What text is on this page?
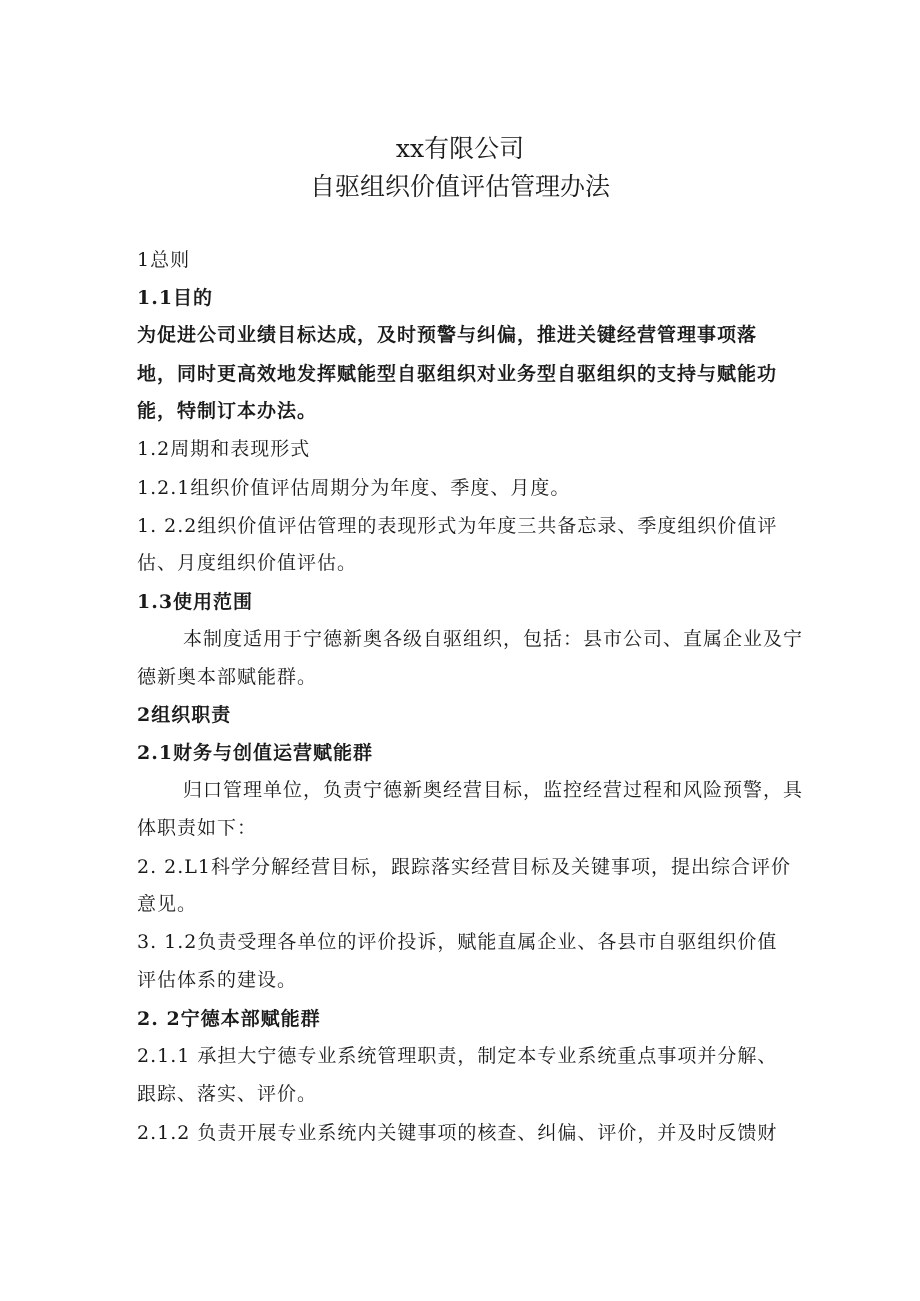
xx有限公司
自驱组织价值评估管理办法
1总则
1.1目的
为促进公司业绩目标达成，及时预警与纠偏，推进关键经营管理事项落
地，同时更高效地发挥赋能型自驱组织对业务型自驱组织的支持与赋能功
能，特制订本办法。
1.2周期和表现形式
1.2.1组织价值评估周期分为年度、季度、月度。
1. 2.2组织价值评估管理的表现形式为年度三共备忘录、季度组织价值评
估、月度组织价值评估。
1.3使用范围
本制度适用于宁德新奥各级自驱组织，包括：县市公司、直属企业及宁
德新奥本部赋能群。
2组织职责
2.1财务与创值运营赋能群
归口管理单位，负责宁德新奥经营目标，监控经营过程和风险预警，具
体职责如下：
2. 2.L1科学分解经营目标，跟踪落实经营目标及关键事项，提出综合评价
意见。
3. 1.2负责受理各单位的评价投诉，赋能直属企业、各县市自驱组织价值
评估体系的建设。
2. 2宁德本部赋能群
2.1.1 承担大宁德专业系统管理职责，制定本专业系统重点事项并分解、
跟踪、落实、评价。
2.1.2 负责开展专业系统内关键事项的核查、纠偏、评价，并及时反馈财
